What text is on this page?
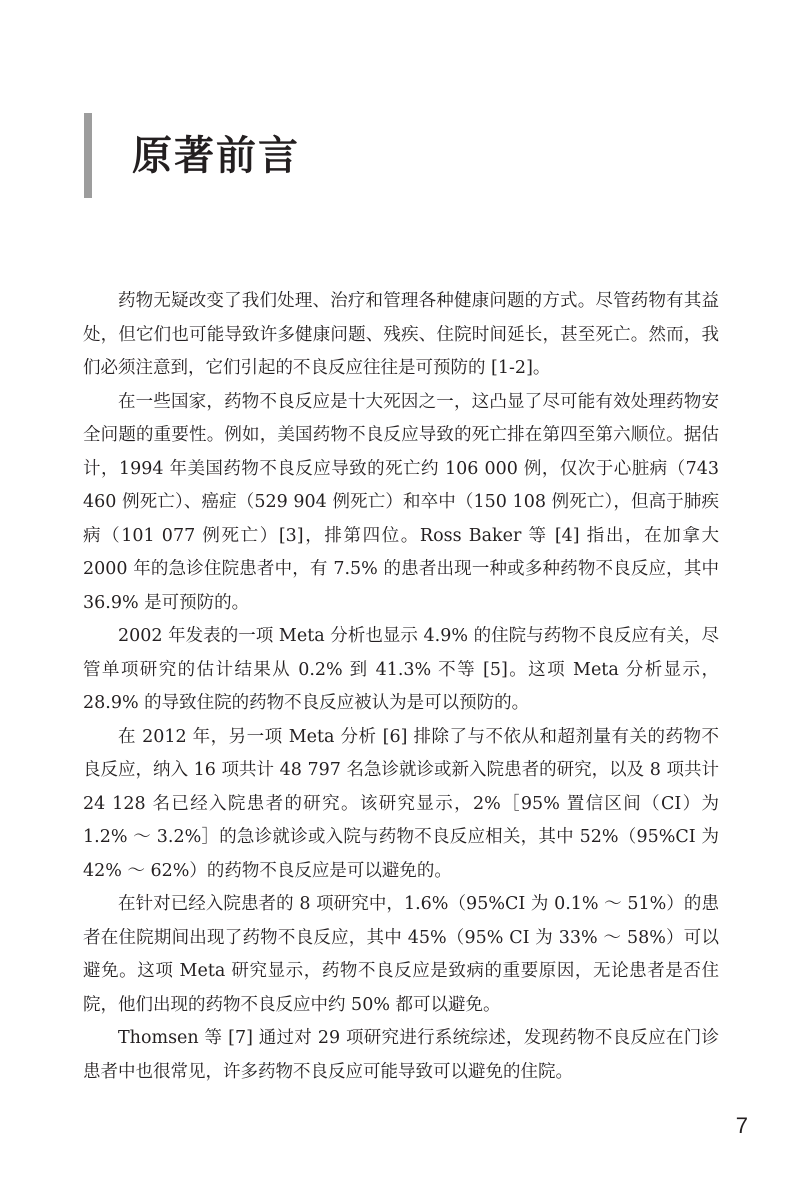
原著前言

药物无疑改变了我们处理、治疗和管理各种健康问题的方式。尽管药物有其益处，但它们也可能导致许多健康问题、残疾、住院时间延长，甚至死亡。然而，我们必须注意到，它们引起的不良反应往往是可预防的 [1-2]。

在一些国家，药物不良反应是十大死因之一，这凸显了尽可能有效处理药物安全问题的重要性。例如，美国药物不良反应导致的死亡排在第四至第六顺位。据估计，1994 年美国药物不良反应导致的死亡约 106 000 例，仅次于心脏病（743 460 例死亡）、癌症（529 904 例死亡）和卒中（150 108 例死亡），但高于肺疾病（101 077 例死亡）[3]，排第四位。Ross Baker 等 [4] 指出，在加拿大 2000 年的急诊住院患者中，有 7.5% 的患者出现一种或多种药物不良反应，其中 36.9% 是可预防的。

2002 年发表的一项 Meta 分析也显示 4.9% 的住院与药物不良反应有关，尽管单项研究的估计结果从 0.2% 到 41.3% 不等 [5]。这项 Meta 分析显示，28.9% 的导致住院的药物不良反应被认为是可以预防的。

在 2012 年，另一项 Meta 分析 [6] 排除了与不依从和超剂量有关的药物不良反应，纳入 16 项共计 48 797 名急诊就诊或新入院患者的研究，以及 8 项共计 24 128 名已经入院患者的研究。该研究显示，2%［95% 置信区间（CI）为 1.2% ～ 3.2%］的急诊就诊或入院与药物不良反应相关，其中 52%（95%CI 为 42% ～ 62%）的药物不良反应是可以避免的。

在针对已经入院患者的 8 项研究中，1.6%（95%CI 为 0.1% ～ 51%）的患者在住院期间出现了药物不良反应，其中 45%（95% CI 为 33% ～ 58%）可以避免。这项 Meta 研究显示，药物不良反应是致病的重要原因，无论患者是否住院，他们出现的药物不良反应中约 50% 都可以避免。

Thomsen 等 [7] 通过对 29 项研究进行系统综述，发现药物不良反应在门诊患者中也很常见，许多药物不良反应可能导致可以避免的住院。

7
